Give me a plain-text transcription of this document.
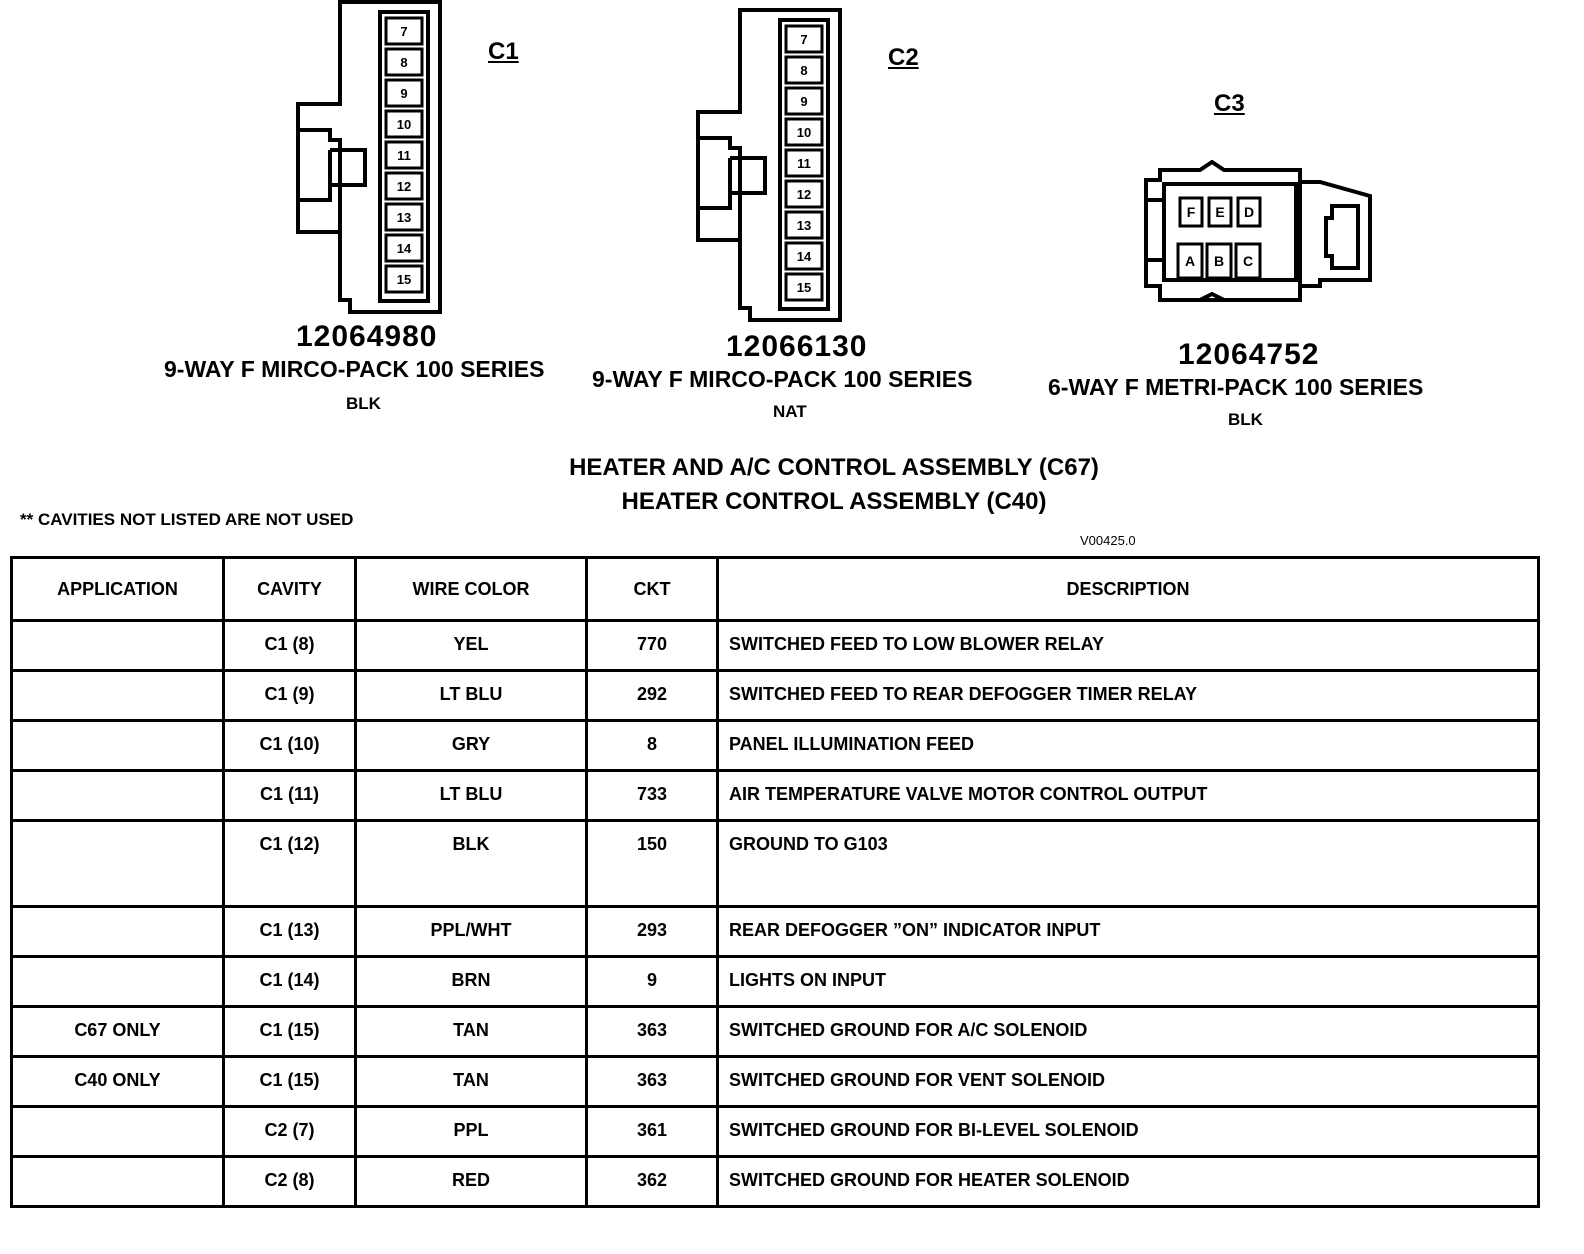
7
8
9
10
11
12
13
14
15
C1
12064980
9-WAY F MIRCO-PACK 100 SERIES
BLK
7
8
9
10
11
12
13
14
15
C2
12066130
9-WAY F MIRCO-PACK 100 SERIES
NAT
F E D
A B C
C3
12064752
6-WAY F METRI-PACK 100 SERIES
BLK
HEATER AND A/C CONTROL ASSEMBLY (C67)
HEATER CONTROL ASSEMBLY (C40)
** CAVITIES NOT LISTED ARE NOT USED
V00425.0
APPLICATION	CAVITY	WIRE COLOR	CKT	DESCRIPTION
	C1 (8)	YEL	770	SWITCHED FEED TO LOW BLOWER RELAY
	C1 (9)	LT BLU	292	SWITCHED FEED TO REAR DEFOGGER TIMER RELAY
	C1 (10)	GRY	8	PANEL ILLUMINATION FEED
	C1 (11)	LT BLU	733	AIR TEMPERATURE VALVE MOTOR CONTROL OUTPUT
	C1 (12)	BLK	150	GROUND TO G103
	C1 (13)	PPL/WHT	293	REAR DEFOGGER ”ON” INDICATOR INPUT
	C1 (14)	BRN	9	LIGHTS ON INPUT
C67 ONLY	C1 (15)	TAN	363	SWITCHED GROUND FOR A/C SOLENOID
C40 ONLY	C1 (15)	TAN	363	SWITCHED GROUND FOR VENT SOLENOID
	C2 (7)	PPL	361	SWITCHED GROUND FOR BI-LEVEL SOLENOID
	C2 (8)	RED	362	SWITCHED GROUND FOR HEATER SOLENOID
